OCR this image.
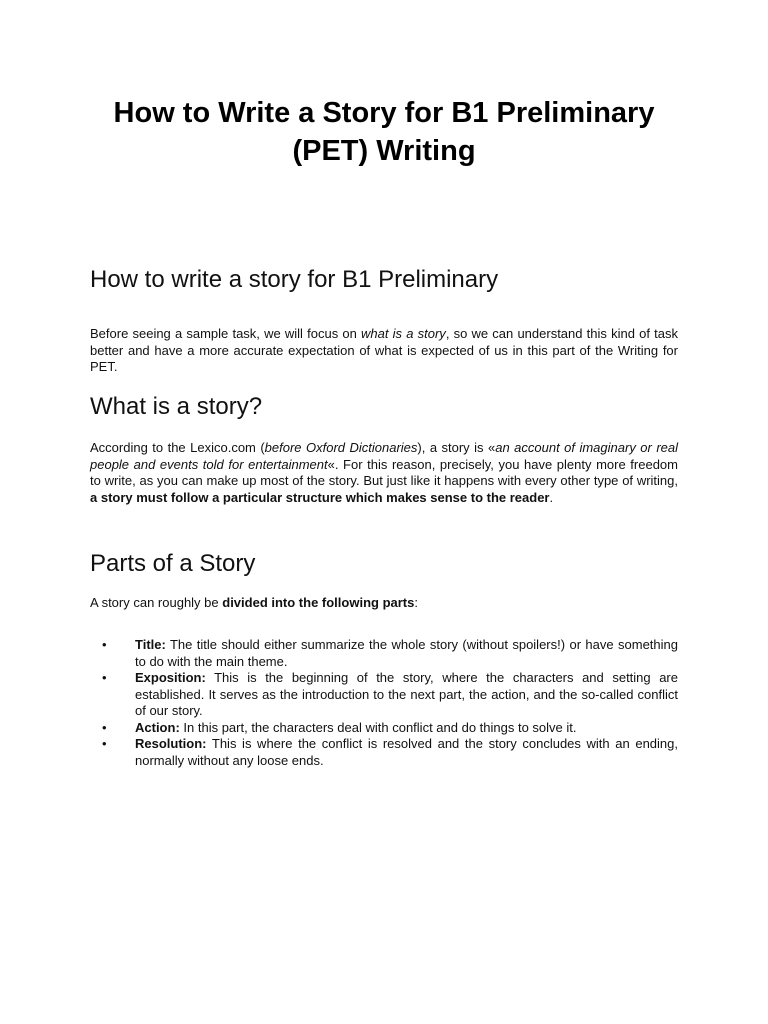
How to Write a Story for B1 Preliminary (PET) Writing
How to write a story for B1 Preliminary

Before seeing a sample task, we will focus on what is a story, so we can understand this kind of task better and have a more accurate expectation of what is expected of us in this part of the Writing for PET.

What is a story?

According to the Lexico.com (before Oxford Dictionaries), a story is «an account of imaginary or real people and events told for entertainment«. For this reason, precisely, you have plenty more freedom to write, as you can make up most of the story. But just like it happens with every other type of writing, a story must follow a particular structure which makes sense to the reader.

Parts of a Story

A story can roughly be divided into the following parts:

•	Title: The title should either summarize the whole story (without spoilers!) or have something to do with the main theme.
•	Exposition: This is the beginning of the story, where the characters and setting are established. It serves as the introduction to the next part, the action, and the so-called conflict of our story.
•	Action: In this part, the characters deal with conflict and do things to solve it.
•	Resolution: This is where the conflict is resolved and the story concludes with an ending, normally without any loose ends.
